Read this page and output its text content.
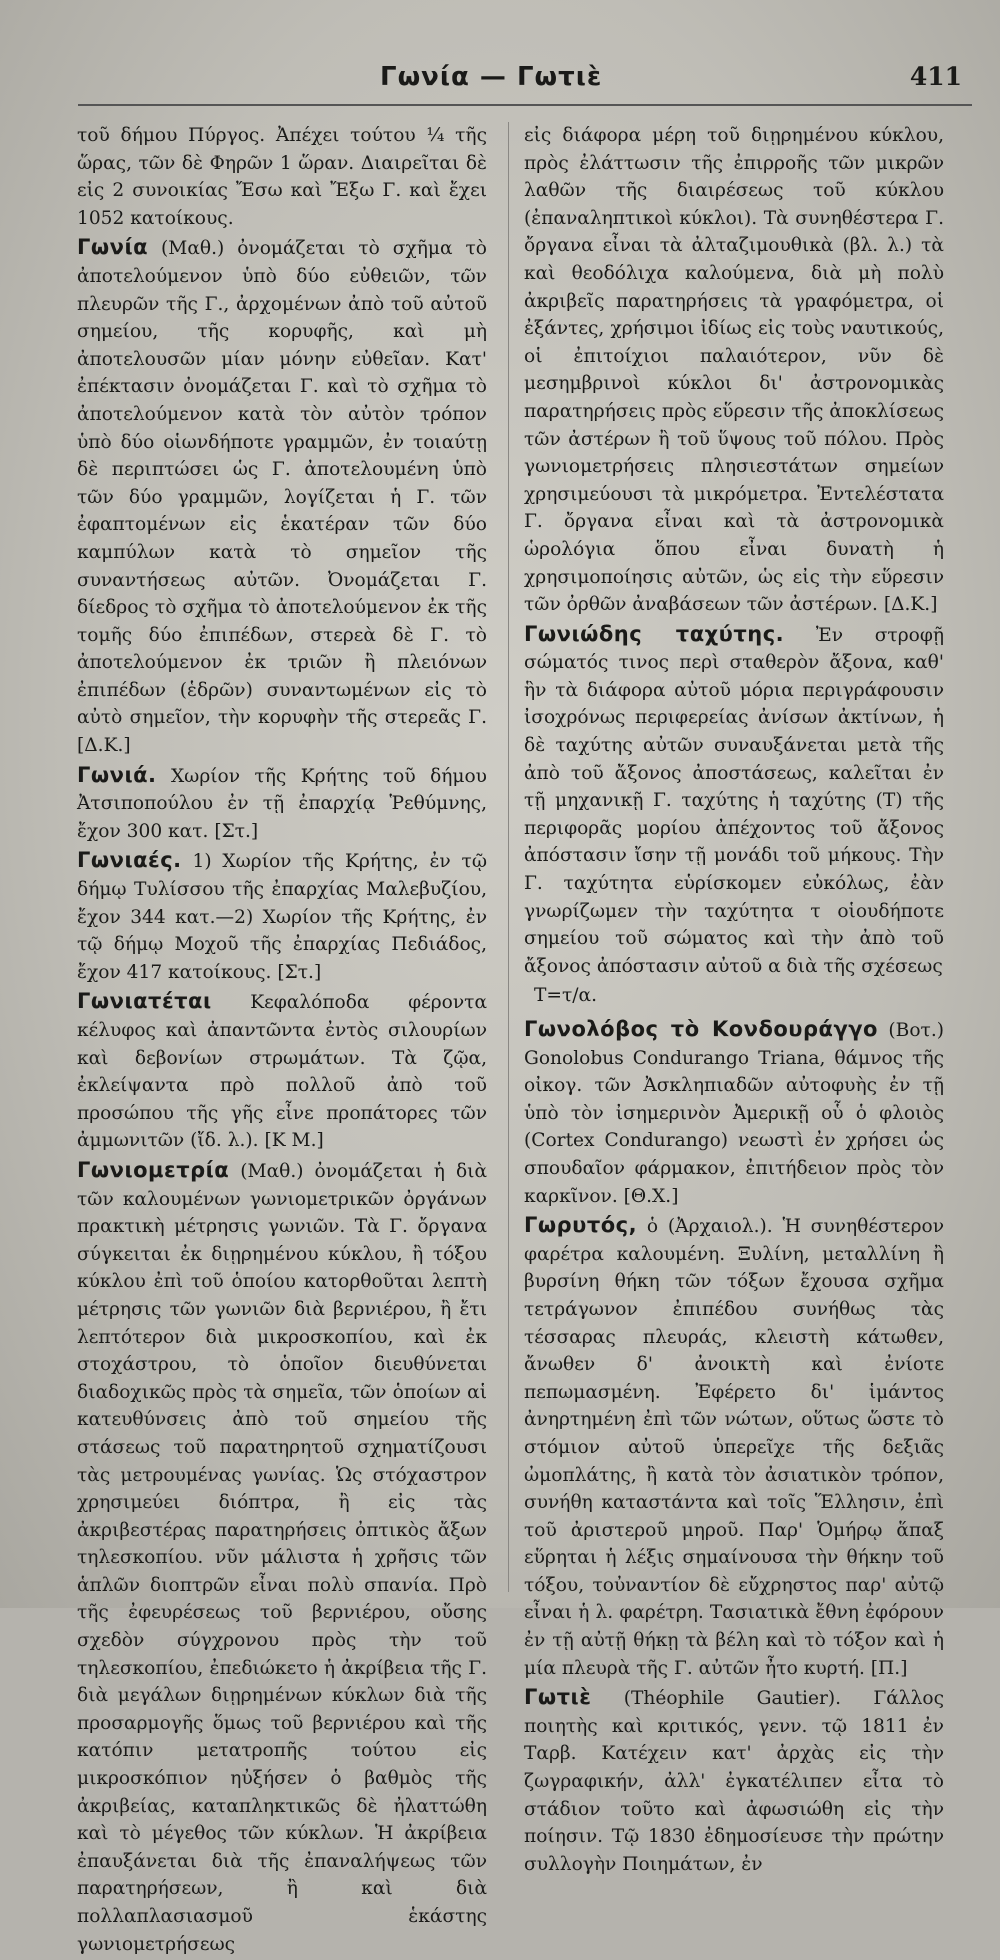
Γωνία — Γωτιὲ	411

τοῦ δήμου Πύργος. Ἀπέχει τούτου ¼ τῆς ὥρας, τῶν δὲ Φηρῶν 1 ὥραν. Διαιρεῖται δὲ εἰς 2 συνοικίας Ἔσω καὶ Ἔξω Γ. καὶ ἔχει 1052 κατοίκους.

Γωνία (Μαθ.) ὀνομάζεται τὸ σχῆμα τὸ ἀποτελούμενον ὑπὸ δύο εὐθειῶν, τῶν πλευρῶν τῆς Γ., ἀρχομένων ἀπὸ τοῦ αὐτοῦ σημείου, τῆς κορυφῆς, καὶ μὴ ἀποτελουσῶν μίαν μόνην εὐθεῖαν. Κατ' ἐπέκτασιν ὀνομάζεται Γ. καὶ τὸ σχῆμα τὸ ἀποτελούμενον κατὰ τὸν αὐτὸν τρόπον ὑπὸ δύο οἱωνδήποτε γραμμῶν, ἐν τοιαύτῃ δὲ περιπτώσει ὡς Γ. ἀποτελουμένη ὑπὸ τῶν δύο γραμμῶν, λογίζεται ἡ Γ. τῶν ἐφαπτομένων εἰς ἑκατέραν τῶν δύο καμπύλων κατὰ τὸ σημεῖον τῆς συναντήσεως αὐτῶν. Ὀνομάζεται Γ. δίεδρος τὸ σχῆμα τὸ ἀποτελούμενον ἐκ τῆς τομῆς δύο ἐπιπέδων, στερεὰ δὲ Γ. τὸ ἀποτελούμενον ἐκ τριῶν ἢ πλειόνων ἐπιπέδων (ἑδρῶν) συναντωμένων εἰς τὸ αὐτὸ σημεῖον, τὴν κορυφὴν τῆς στερεᾶς Γ. [Δ.Κ.]

Γωνιά. Χωρίον τῆς Κρήτης τοῦ δήμου Ἀτσιποπούλου ἐν τῇ ἐπαρχίᾳ Ῥεθύμνης, ἔχον 300 κατ. [Στ.]

Γωνιαές. 1) Χωρίον τῆς Κρήτης, ἐν τῷ δήμῳ Τυλίσσου τῆς ἐπαρχίας Μαλεβυζίου, ἔχον 344 κατ.—2) Χωρίον τῆς Κρήτης, ἐν τῷ δήμῳ Μοχοῦ τῆς ἐπαρχίας Πεδιάδος, ἔχον 417 κατοίκους. [Στ.]

Γωνιατέται Κεφαλόποδα φέροντα κέλυφος καὶ ἀπαντῶντα ἐντὸς σιλουρίων καὶ δεβονίων στρωμάτων. Τὰ ζῷα, ἐκλείψαντα πρὸ πολλοῦ ἀπὸ τοῦ προσώπου τῆς γῆς εἶνε προπάτορες τῶν ἀμμωνιτῶν (ἴδ. λ.). [Κ Μ.]

Γωνιομετρία (Μαθ.) ὀνομάζεται ἡ διὰ τῶν καλουμένων γωνιομετρικῶν ὀργάνων πρακτικὴ μέτρησις γωνιῶν. Τὰ Γ. ὄργανα σύγκειται ἐκ διῃρημένου κύκλου, ἢ τόξου κύκλου ἐπὶ τοῦ ὁποίου κατορθοῦται λεπτὴ μέτρησις τῶν γωνιῶν διὰ βερνιέρου, ἢ ἔτι λεπτότερον διὰ μικροσκοπίου, καὶ ἐκ στοχάστρου, τὸ ὁποῖον διευθύνεται διαδοχικῶς πρὸς τὰ σημεῖα, τῶν ὁποίων αἱ κατευθύνσεις ἀπὸ τοῦ σημείου τῆς στάσεως τοῦ παρατηρητοῦ σχηματίζουσι τὰς μετρουμένας γωνίας. Ὡς στόχαστρον χρησιμεύει διόπτρα, ἢ εἰς τὰς ἀκριβεστέρας παρατηρήσεις ὀπτικὸς ἄξων τηλεσκοπίου. νῦν μάλιστα ἡ χρῆσις τῶν ἁπλῶν διοπτρῶν εἶναι πολὺ σπανία. Πρὸ τῆς ἐφευρέσεως τοῦ βερνιέρου, οὔσης σχεδὸν σύγχρονου πρὸς τὴν τοῦ τηλεσκοπίου, ἐπεδιώκετο ἡ ἀκρίβεια τῆς Γ. διὰ μεγάλων διῃρημένων κύκλων διὰ τῆς προσαρμογῆς ὅμως τοῦ βερνιέρου καὶ τῆς κατόπιν μετατροπῆς τούτου εἰς μικροσκόπιον ηὐξήσεν ὁ βαθμὸς τῆς ἀκριβείας, καταπληκτικῶς δὲ ἠλαττώθη καὶ τὸ μέγεθος τῶν κύκλων. Ἡ ἀκρίβεια ἐπαυξάνεται διὰ τῆς ἐπαναλήψεως τῶν παρατηρήσεων, ἢ καὶ διὰ πολλαπλασιασμοῦ ἑκάστης γωνιομετρήσεως

εἰς διάφορα μέρη τοῦ διῃρημένου κύκλου, πρὸς ἐλάττωσιν τῆς ἐπιρροῆς τῶν μικρῶν λαθῶν τῆς διαιρέσεως τοῦ κύκλου (ἐπαναληπτικοὶ κύκλοι). Τὰ συνηθέστερα Γ. ὄργανα εἶναι τὰ ἀλταζιμουθικὰ (βλ. λ.) τὰ καὶ θεοδόλιχα καλούμενα, διὰ μὴ πολὺ ἀκριβεῖς παρατηρήσεις τὰ γραφόμετρα, οἱ ἐξάντες, χρήσιμοι ἰδίως εἰς τοὺς ναυτικούς, οἱ ἐπιτοίχιοι παλαιότερον, νῦν δὲ μεσημβρινοὶ κύκλοι δι' ἀστρονομικὰς παρατηρήσεις πρὸς εὕρεσιν τῆς ἀποκλίσεως τῶν ἀστέρων ἢ τοῦ ὕψους τοῦ πόλου. Πρὸς γωνιομετρήσεις πλησιεστάτων σημείων χρησιμεύουσι τὰ μικρόμετρα. Ἐντελέστατα Γ. ὄργανα εἶναι καὶ τὰ ἀστρονομικὰ ὡρολόγια ὅπου εἶναι δυνατὴ ἡ χρησιμοποίησις αὐτῶν, ὡς εἰς τὴν εὕρεσιν τῶν ὀρθῶν ἀναβάσεων τῶν ἀστέρων. [Δ.Κ.]

Γωνιώδης ταχύτης. Ἐν στροφῇ σώματός τινος περὶ σταθερὸν ἄξονα, καθ' ἣν τὰ διάφορα αὐτοῦ μόρια περιγράφουσιν ἰσοχρόνως περιφερείας ἀνίσων ἀκτίνων, ἡ δὲ ταχύτης αὐτῶν συναυξάνεται μετὰ τῆς ἀπὸ τοῦ ἄξονος ἀποστάσεως, καλεῖται ἐν τῇ μηχανικῇ Γ. ταχύτης ἡ ταχύτης (Τ) τῆς περιφορᾶς μορίου ἀπέχοντος τοῦ ἄξονος ἀπόστασιν ἴσην τῇ μονάδι τοῦ μήκους. Τὴν Γ. ταχύτητα εὑρίσκομεν εὐκόλως, ἐὰν γνωρίζωμεν τὴν ταχύτητα τ οἱουδήποτε σημείου τοῦ σώματος καὶ τὴν ἀπὸ τοῦ ἄξονος ἀπόστασιν αὐτοῦ α διὰ τῆς σχέσεως

Τ=τ/α.

Γωνολόβος τὸ Κονδουράγγο (Βοτ.) Gonolobus Condurango Triana, θάμνος τῆς οἰκογ. τῶν Ἀσκληπιαδῶν αὐτοφυὴς ἐν τῇ ὑπὸ τὸν ἰσημερινὸν Ἀμερικῇ οὗ ὁ φλοιὸς (Cortex Condurango) νεωστὶ ἐν χρήσει ὡς σπουδαῖον φάρμακον, ἐπιτήδειον πρὸς τὸν καρκῖνον. [Θ.Χ.]

Γωρυτός, ὁ (Ἀρχαιολ.). Ἡ συνηθέστερον φαρέτρα καλουμένη. Ξυλίνη, μεταλλίνη ἢ βυρσίνη θήκη τῶν τόξων ἔχουσα σχῆμα τετράγωνον ἐπιπέδου συνήθως τὰς τέσσαρας πλευράς, κλειστὴ κάτωθεν, ἄνωθεν δ' ἀνοικτὴ καὶ ἐνίοτε πεπωμασμένη. Ἐφέρετο δι' ἱμάντος ἀνηρτημένη ἐπὶ τῶν νώτων, οὕτως ὥστε τὸ στόμιον αὐτοῦ ὑπερεῖχε τῆς δεξιᾶς ὠμοπλάτης, ἢ κατὰ τὸν ἀσιατικὸν τρόπον, συνήθη καταστάντα καὶ τοῖς Ἕλλησιν, ἐπὶ τοῦ ἀριστεροῦ μηροῦ. Παρ' Ὁμήρῳ ἅπαξ εὕρηται ἡ λέξις σημαίνουσα τὴν θήκην τοῦ τόξου, τοὐναντίον δὲ εὔχρηστος παρ' αὐτῷ εἶναι ἡ λ. φαρέτρη. Τασιατικὰ ἔθνη ἐφόρουν ἐν τῇ αὐτῇ θήκῃ τὰ βέλη καὶ τὸ τόξον καὶ ἡ μία πλευρὰ τῆς Γ. αὐτῶν ἦτο κυρτή. [Π.]

Γωτιὲ (Théophile Gautier). Γάλλος ποιητὴς καὶ κριτικός, γενν. τῷ 1811 ἐν Ταρβ. Κατέχειν κατ' ἀρχὰς εἰς τὴν ζωγραφικήν, ἀλλ' ἐγκατέλιπεν εἶτα τὸ στάδιον τοῦτο καὶ ἀφωσιώθη εἰς τὴν ποίησιν. Τῷ 1830 ἐδημοσίευσε τὴν πρώτην συλλογὴν Ποιημάτων, ἐν
